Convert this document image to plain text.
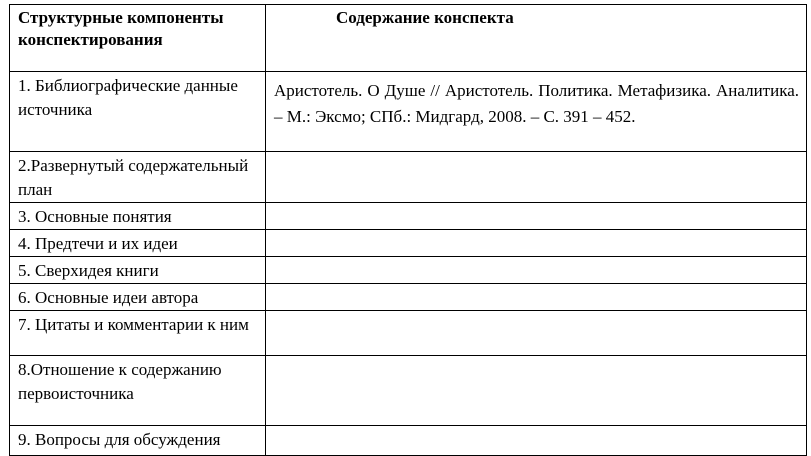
Структурные компоненты конспектирования	Содержание конспекта

1. Библиографические данные источника	Аристотель. О Душе // Аристотель. Политика. Метафизика. Аналитика. – М.: Эксмо; СПб.: Мидгард, 2008. – С. 391 – 452.

2.Развернутый содержательный план	
3. Основные понятия	
4. Предтечи и их идеи	
5. Сверхидея книги	
6. Основные идеи автора	
7. Цитаты и комментарии к ним	
8.Отношение к содержанию первоисточника	
9. Вопросы для обсуждения	
